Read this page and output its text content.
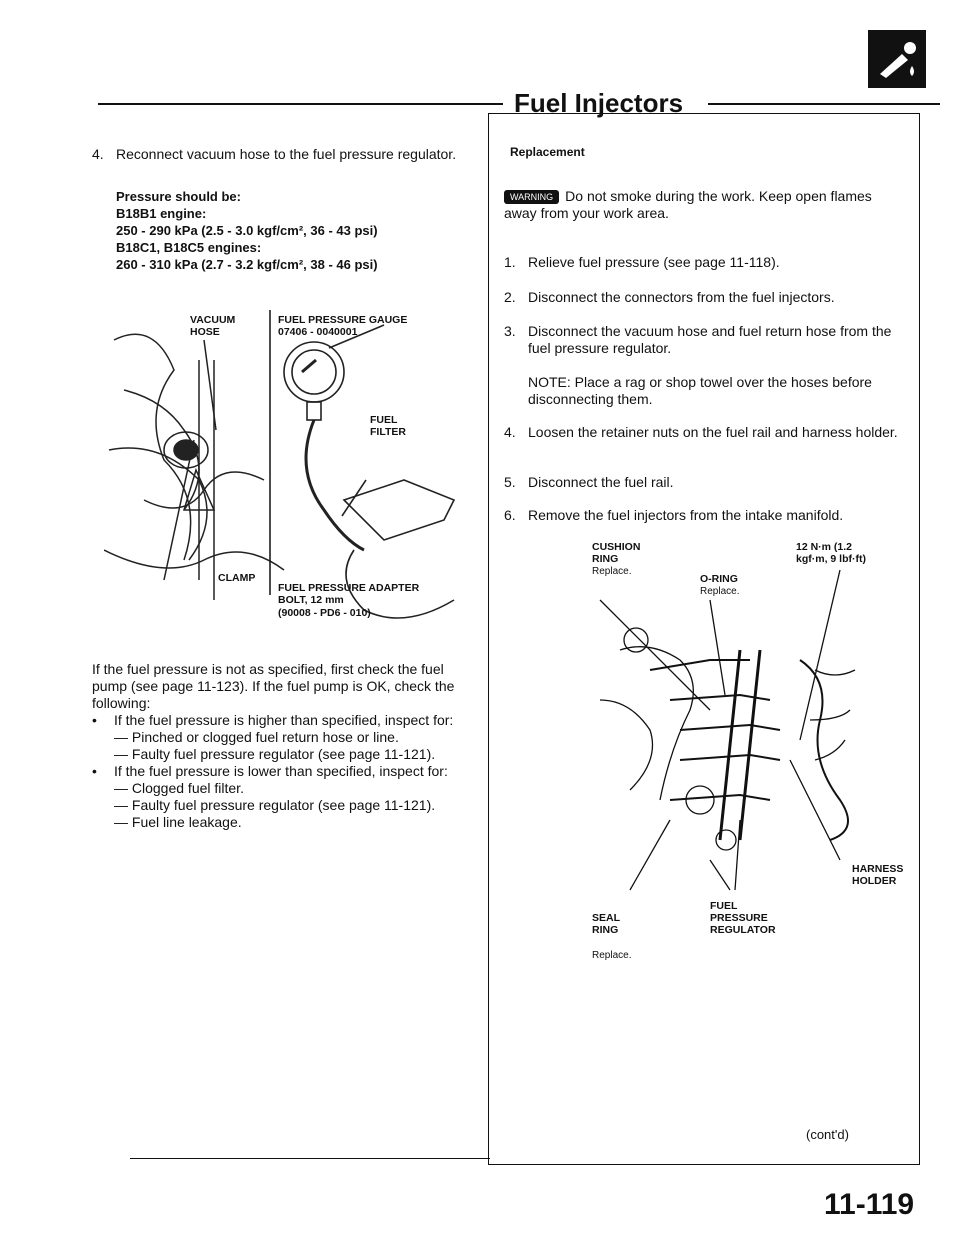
Fuel Injectors
4. Reconnect vacuum hose to the fuel pressure regulator.
Pressure should be:
B18B1 engine:
250 - 290 kPa (2.5 - 3.0 kgf/cm², 36 - 43 psi)
B18C1, B18C5 engines:
260 - 310 kPa (2.7 - 3.2 kgf/cm², 38 - 46 psi)
VACUUM HOSE
FUEL PRESSURE GAUGE
07406 - 0040001
FUEL FILTER
CLAMP
FUEL PRESSURE ADAPTER BOLT, 12 mm
(90008 - PD6 - 010)
If the fuel pressure is not as specified, first check the fuel pump (see page 11-123). If the fuel pump is OK, check the following:
•	If the fuel pressure is higher than specified, inspect for:
— Pinched or clogged fuel return hose or line.
— Faulty fuel pressure regulator (see page 11-121).
•	If the fuel pressure is lower than specified, inspect for:
— Clogged fuel filter.
— Faulty fuel pressure regulator (see page 11-121).
— Fuel line leakage.
Replacement
WARNING Do not smoke during the work. Keep open flames away from your work area.
1. Relieve fuel pressure (see page 11-118).
2. Disconnect the connectors from the fuel injectors.
3. Disconnect the vacuum hose and fuel return hose from the fuel pressure regulator.
NOTE: Place a rag or shop towel over the hoses before disconnecting them.
4. Loosen the retainer nuts on the fuel rail and harness holder.
5. Disconnect the fuel rail.
6. Remove the fuel injectors from the intake manifold.
CUSHION RING
Replace.
12 N·m (1.2 kgf·m, 9 lbf·ft)
O-RING
Replace.
HARNESS HOLDER
SEAL RING
Replace.
FUEL PRESSURE REGULATOR
(cont'd)
11-119
